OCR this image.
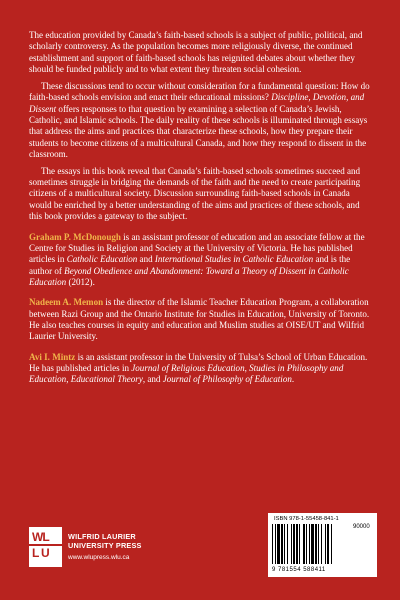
The education provided by Canada’s faith-based schools is a subject of public, political, and scholarly controversy. As the population becomes more religiously diverse, the continued establishment and support of faith-based schools has reignited debates about whether they should be funded publicly and to what extent they threaten social cohesion.

These discussions tend to occur without consideration for a fundamental question: How do faith-based schools envision and enact their educational missions? Discipline, Devotion, and Dissent offers responses to that question by examining a selection of Canada’s Jewish, Catholic, and Islamic schools. The daily reality of these schools is illuminated through essays that address the aims and practices that characterize these schools, how they prepare their students to become citizens of a multicultural Canada, and how they respond to dissent in the classroom.

The essays in this book reveal that Canada’s faith-based schools sometimes succeed and sometimes struggle in bridging the demands of the faith and the need to create participating citizens of a multicultural society. Discussion surrounding faith-based schools in Canada would be enriched by a better understanding of the aims and practices of these schools, and this book provides a gateway to the subject.

Graham P. McDonough is an assistant professor of education and an associate fellow at the Centre for Studies in Religion and Society at the University of Victoria. He has published articles in Catholic Education and International Studies in Catholic Education and is the author of Beyond Obedience and Abandonment: Toward a Theory of Dissent in Catholic Education (2012).
Nadeem A. Memon is the director of the Islamic Teacher Education Program, a collaboration between Razi Group and the Ontario Institute for Studies in Education, University of Toronto. He also teaches courses in equity and education and Muslim studies at OISE/UT and Wilfrid Laurier University.
Avi I. Mintz is an assistant professor in the University of Tulsa’s School of Urban Education. He has published articles in Journal of Religious Education, Studies in Philosophy and Education, Educational Theory, and Journal of Philosophy of Education.
WL
L U
WILFRID LAURIER
UNIVERSITY PRESS
www.wlupress.wlu.ca
ISBN 978-1-55458-841-1
90000
9 781554 588411
